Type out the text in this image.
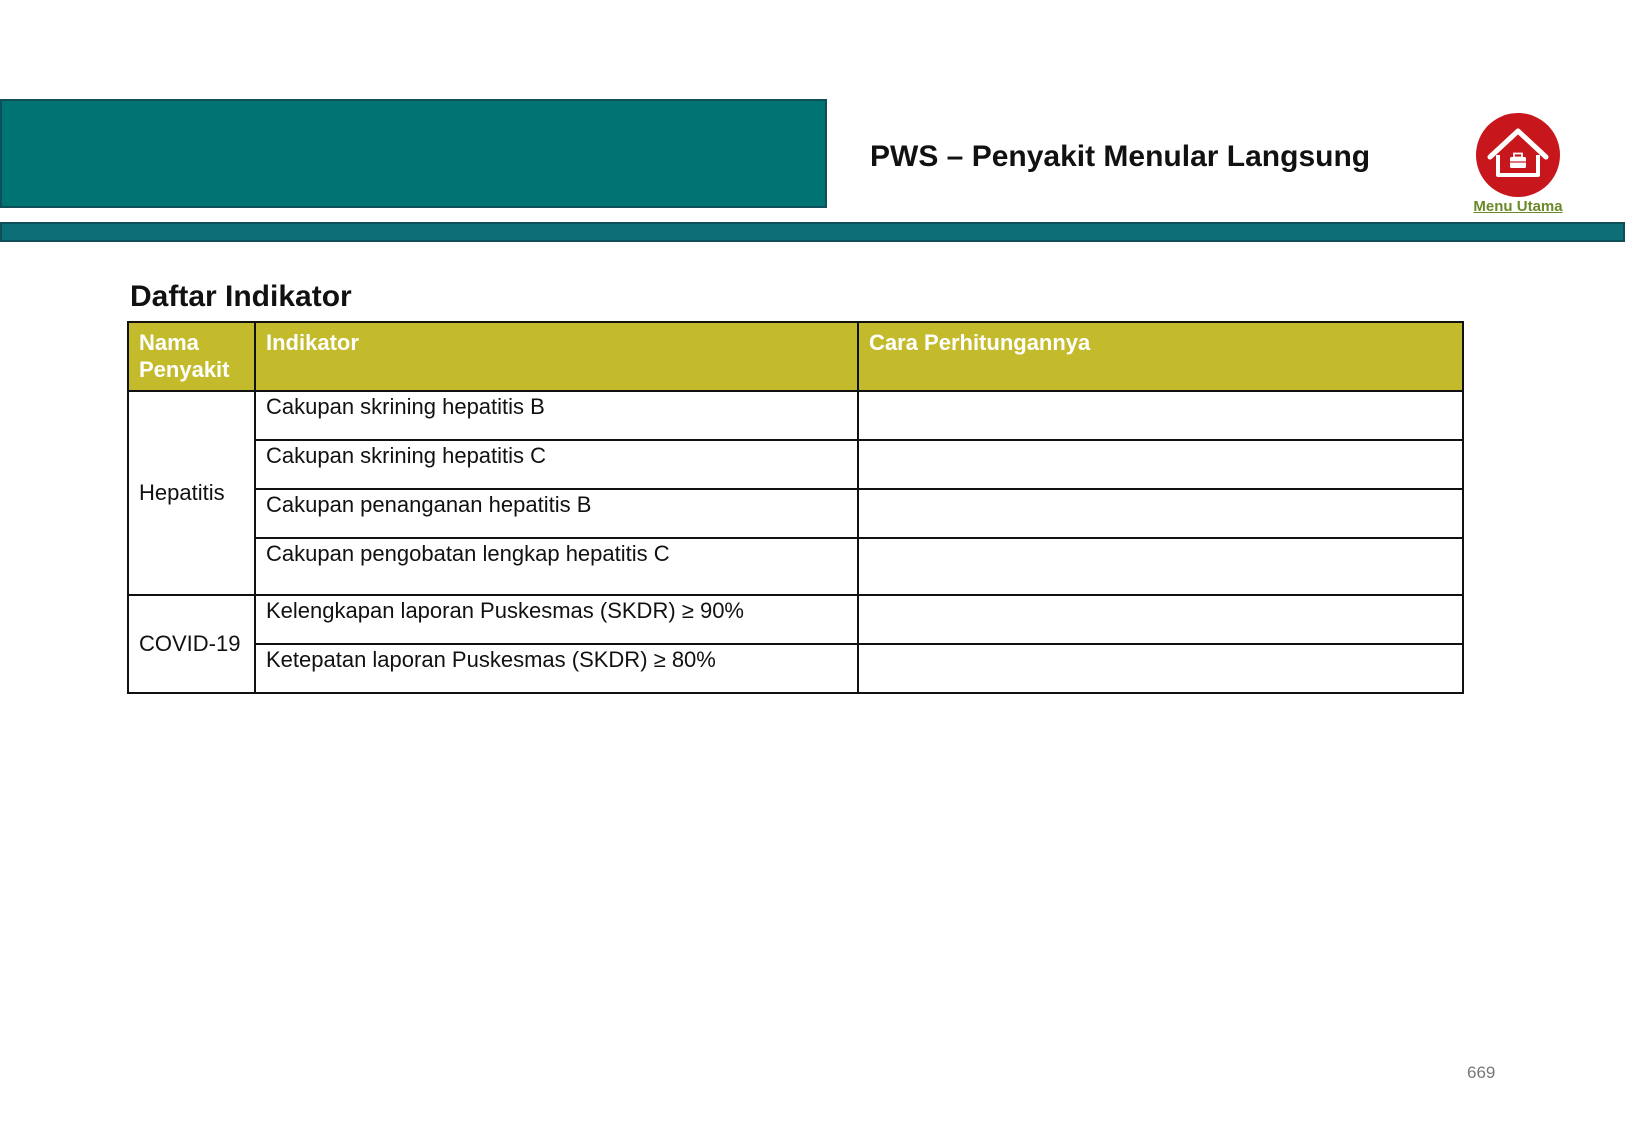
PWS – Penyakit Menular Langsung
Menu Utama
Daftar Indikator
Nama Penyakit	Indikator	Cara Perhitungannya
Hepatitis	Cakupan skrining hepatitis B	
	Cakupan skrining hepatitis C	
	Cakupan penanganan hepatitis B	
	Cakupan pengobatan lengkap hepatitis C	
COVID-19	Kelengkapan laporan Puskesmas (SKDR) ≥ 90%	
	Ketepatan laporan Puskesmas (SKDR) ≥ 80%	
669
